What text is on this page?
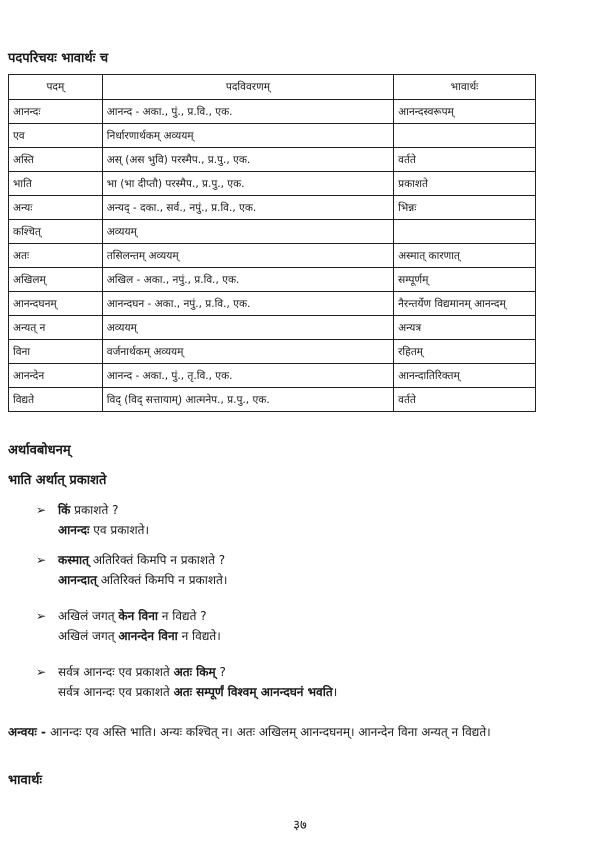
पदपरिचयः भावार्थः च
पदम्	पदविवरणम्	भावार्थः
आनन्दः	आनन्द - अका., पुं., प्र.वि., एक.	आनन्दस्वरूपम्
एव	निर्धारणार्थकम् अव्ययम्	
अस्ति	अस् (अस भुवि) परस्मैप., प्र.पु., एक.	वर्तते
भाति	भा (भा दीप्तौ) परस्मैप., प्र.पु., एक.	प्रकाशते
अन्यः	अन्यद् - दका., सर्व., नपुं., प्र.वि., एक.	भिन्नः
कश्चित्	अव्ययम्	
अतः	तसिलन्तम् अव्ययम्	अस्मात् कारणात्
अखिलम्	अखिल - अका., नपुं., प्र.वि., एक.	सम्पूर्णम्
आनन्दघनम्	आनन्दघन - अका., नपुं., प्र.वि., एक.	नैरन्तर्येण विद्यमानम् आनन्दम्
अन्यत् न	अव्ययम्	अन्यत्र
विना	वर्जनार्थकम् अव्ययम्	रहितम्
आनन्देन	आनन्द - अका., पुं., तृ.वि., एक.	आनन्दातिरिक्तम्
विद्यते	विद् (विद् सत्तायाम्) आत्मनेप., प्र.पु., एक.	वर्तते
अर्थावबोधनम्
भाति अर्थात् प्रकाशते
➢ किं प्रकाशते ?
आनन्दः एव प्रकाशते।
➢ कस्मात् अतिरिक्तं किमपि न प्रकाशते ?
आनन्दात् अतिरिक्तं किमपि न प्रकाशते।
➢ अखिलं जगत् केन विना न विद्यते ?
अखिलं जगत् आनन्देन विना न विद्यते।
➢ सर्वत्र आनन्दः एव प्रकाशते अतः किम् ?
सर्वत्र आनन्दः एव प्रकाशते अतः सम्पूर्णं विश्वम् आनन्दघनं भवति।
अन्वयः - आनन्दः एव अस्ति भाति। अन्यः कश्चित् न। अतः अखिलम् आनन्दघनम्। आनन्देन विना अन्यत् न विद्यते।
भावार्थः
३७
